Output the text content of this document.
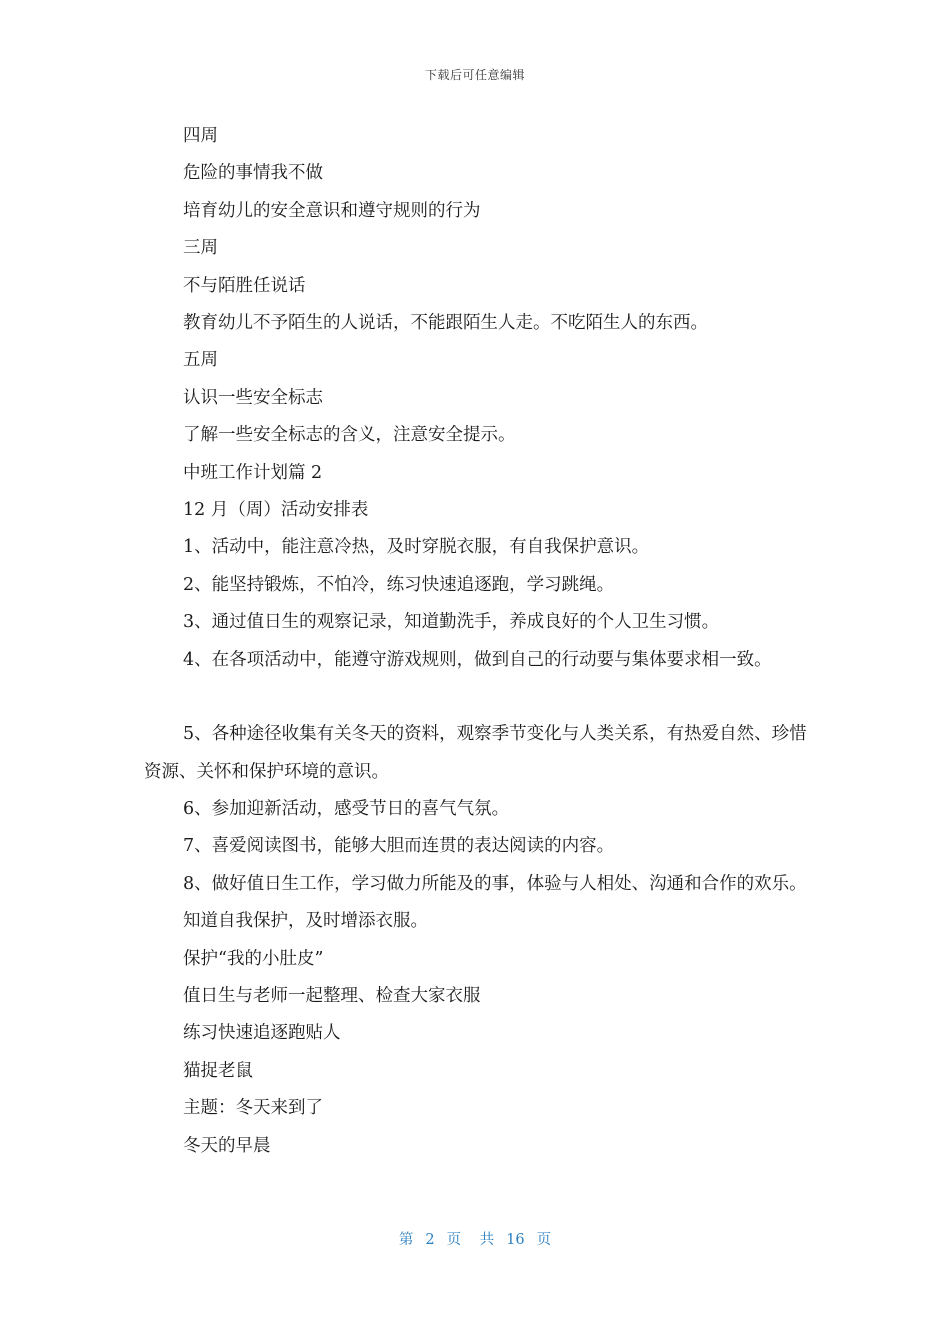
下载后可任意编辑

四周

危险的事情我不做

培育幼儿的安全意识和遵守规则的行为

三周

不与陌胜任说话

教育幼儿不予陌生的人说话，不能跟陌生人走。不吃陌生人的东西。

五周

认识一些安全标志

了解一些安全标志的含义，注意安全提示。

中班工作计划篇 2

12 月（周）活动安排表

1、活动中，能注意冷热，及时穿脱衣服，有自我保护意识。

2、能坚持锻炼，不怕冷，练习快速追逐跑，学习跳绳。

3、通过值日生的观察记录，知道勤洗手，养成良好的个人卫生习惯。

4、在各项活动中，能遵守游戏规则，做到自己的行动要与集体要求相一致。

5、各种途径收集有关冬天的资料，观察季节变化与人类关系，有热爱自然、珍惜资源、关怀和保护环境的意识。

6、参加迎新活动，感受节日的喜气气氛。

7、喜爱阅读图书，能够大胆而连贯的表达阅读的内容。

8、做好值日生工作，学习做力所能及的事，体验与人相处、沟通和合作的欢乐。

知道自我保护，及时增添衣服。

保护“我的小肚皮”

值日生与老师一起整理、检查大家衣服

练习快速追逐跑贴人

猫捉老鼠

主题：冬天来到了

冬天的早晨

第 2 页 共 16 页
